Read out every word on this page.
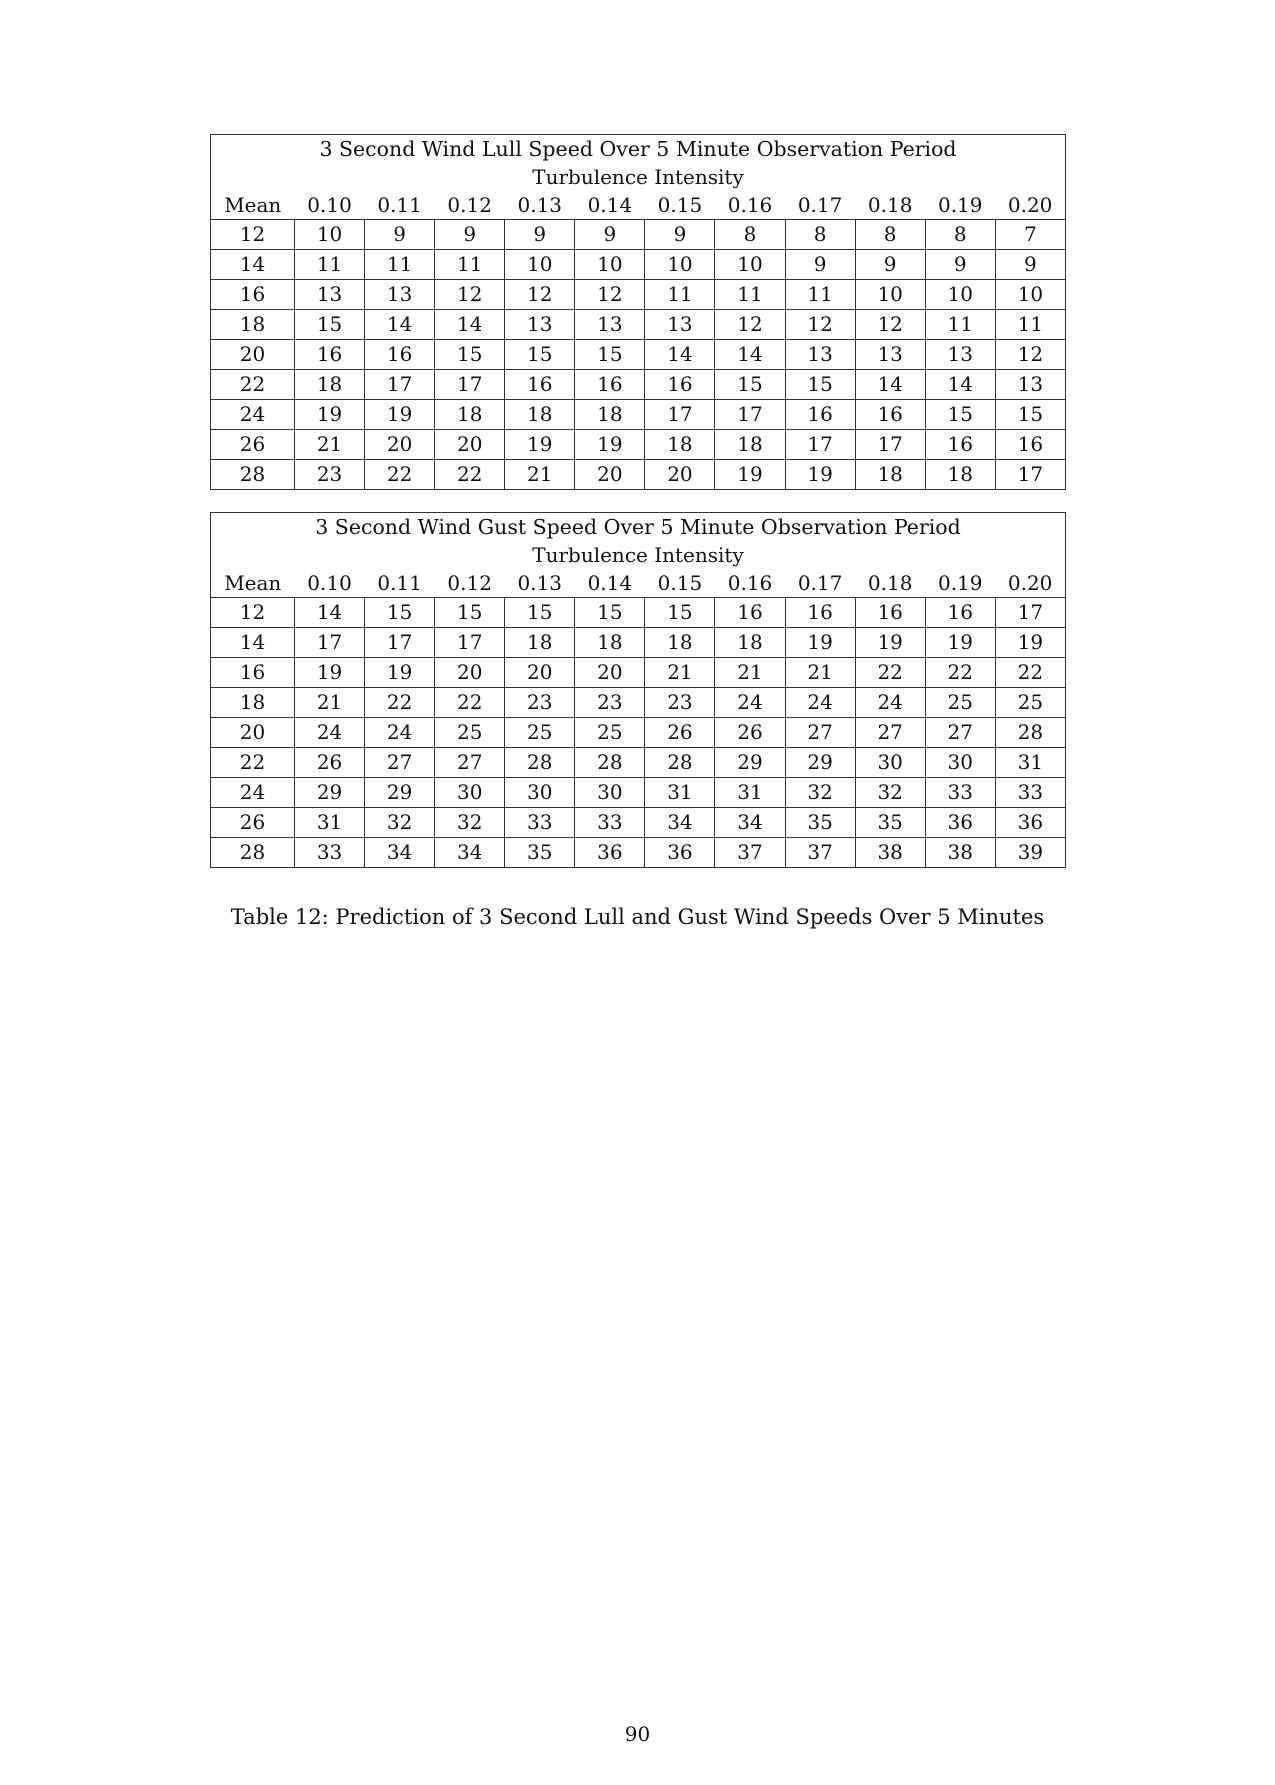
3 Second Wind Lull Speed Over 5 Minute Observation Period											
Turbulence Intensity											
Mean	0.10	0.11	0.12	0.13	0.14	0.15	0.16	0.17	0.18	0.19	0.20
12	10	9	9	9	9	9	8	8	8	8	7
14	11	11	11	10	10	10	10	9	9	9	9
16	13	13	12	12	12	11	11	11	10	10	10
18	15	14	14	13	13	13	12	12	12	11	11
20	16	16	15	15	15	14	14	13	13	13	12
22	18	17	17	16	16	16	15	15	14	14	13
24	19	19	18	18	18	17	17	16	16	15	15
26	21	20	20	19	19	18	18	17	17	16	16
28	23	22	22	21	20	20	19	19	18	18	17
3 Second Wind Gust Speed Over 5 Minute Observation Period											
Turbulence Intensity											
Mean	0.10	0.11	0.12	0.13	0.14	0.15	0.16	0.17	0.18	0.19	0.20
12	14	15	15	15	15	15	16	16	16	16	17
14	17	17	17	18	18	18	18	19	19	19	19
16	19	19	20	20	20	21	21	21	22	22	22
18	21	22	22	23	23	23	24	24	24	25	25
20	24	24	25	25	25	26	26	27	27	27	28
22	26	27	27	28	28	28	29	29	30	30	31
24	29	29	30	30	30	31	31	32	32	33	33
26	31	32	32	33	33	34	34	35	35	36	36
28	33	34	34	35	36	36	37	37	38	38	39
Table 12: Prediction of 3 Second Lull and Gust Wind Speeds Over 5 Minutes
90
